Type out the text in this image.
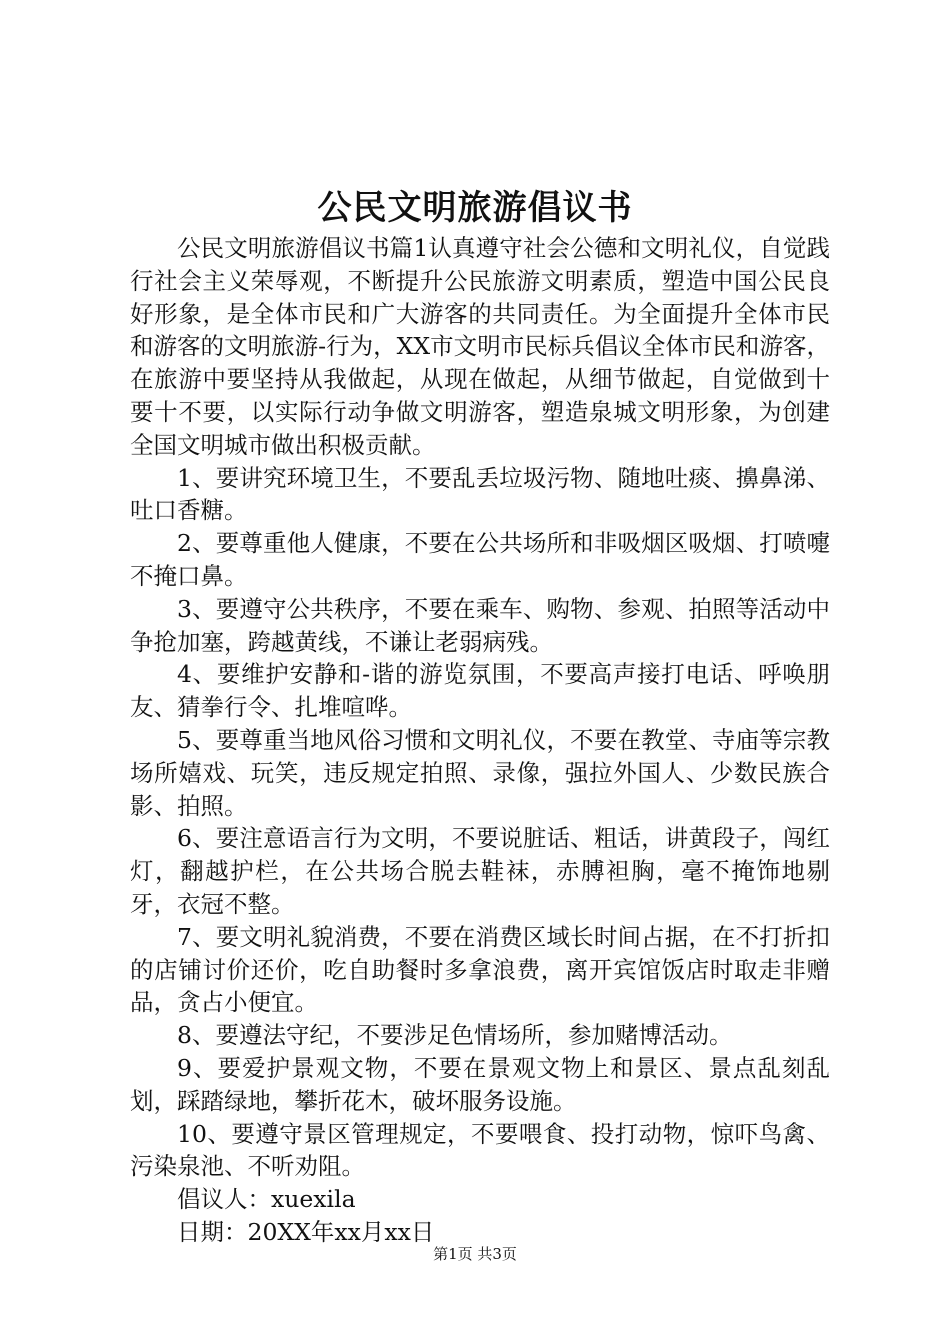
公民文明旅游倡议书

公民文明旅游倡议书篇1认真遵守社会公德和文明礼仪，自觉践行社会主义荣辱观，不断提升公民旅游文明素质，塑造中国公民良好形象，是全体市民和广大游客的共同责任。为全面提升全体市民和游客的文明旅游-行为，XX市文明市民标兵倡议全体市民和游客，在旅游中要坚持从我做起，从现在做起，从细节做起，自觉做到十要十不要，以实际行动争做文明游客，塑造泉城文明形象，为创建全国文明城市做出积极贡献。

1、要讲究环境卫生，不要乱丢垃圾污物、随地吐痰、擤鼻涕、吐口香糖。

2、要尊重他人健康，不要在公共场所和非吸烟区吸烟、打喷嚏不掩口鼻。

3、要遵守公共秩序，不要在乘车、购物、参观、拍照等活动中争抢加塞，跨越黄线，不谦让老弱病残。

4、要维护安静和-谐的游览氛围，不要高声接打电话、呼唤朋友、猜拳行令、扎堆喧哗。

5、要尊重当地风俗习惯和文明礼仪，不要在教堂、寺庙等宗教场所嬉戏、玩笑，违反规定拍照、录像，强拉外国人、少数民族合影、拍照。

6、要注意语言行为文明，不要说脏话、粗话，讲黄段子，闯红灯，翻越护栏，在公共场合脱去鞋袜，赤膊袒胸，毫不掩饰地剔牙，衣冠不整。

7、要文明礼貌消费，不要在消费区域长时间占据，在不打折扣的店铺讨价还价，吃自助餐时多拿浪费，离开宾馆饭店时取走非赠品，贪占小便宜。

8、要遵法守纪，不要涉足色情场所，参加赌博活动。

9、要爱护景观文物，不要在景观文物上和景区、景点乱刻乱划，踩踏绿地，攀折花木，破坏服务设施。

10、要遵守景区管理规定，不要喂食、投打动物，惊吓鸟禽、污染泉池、不听劝阻。

倡议人：xuexila

日期：20XX年xx月xx日

第1页 共3页
